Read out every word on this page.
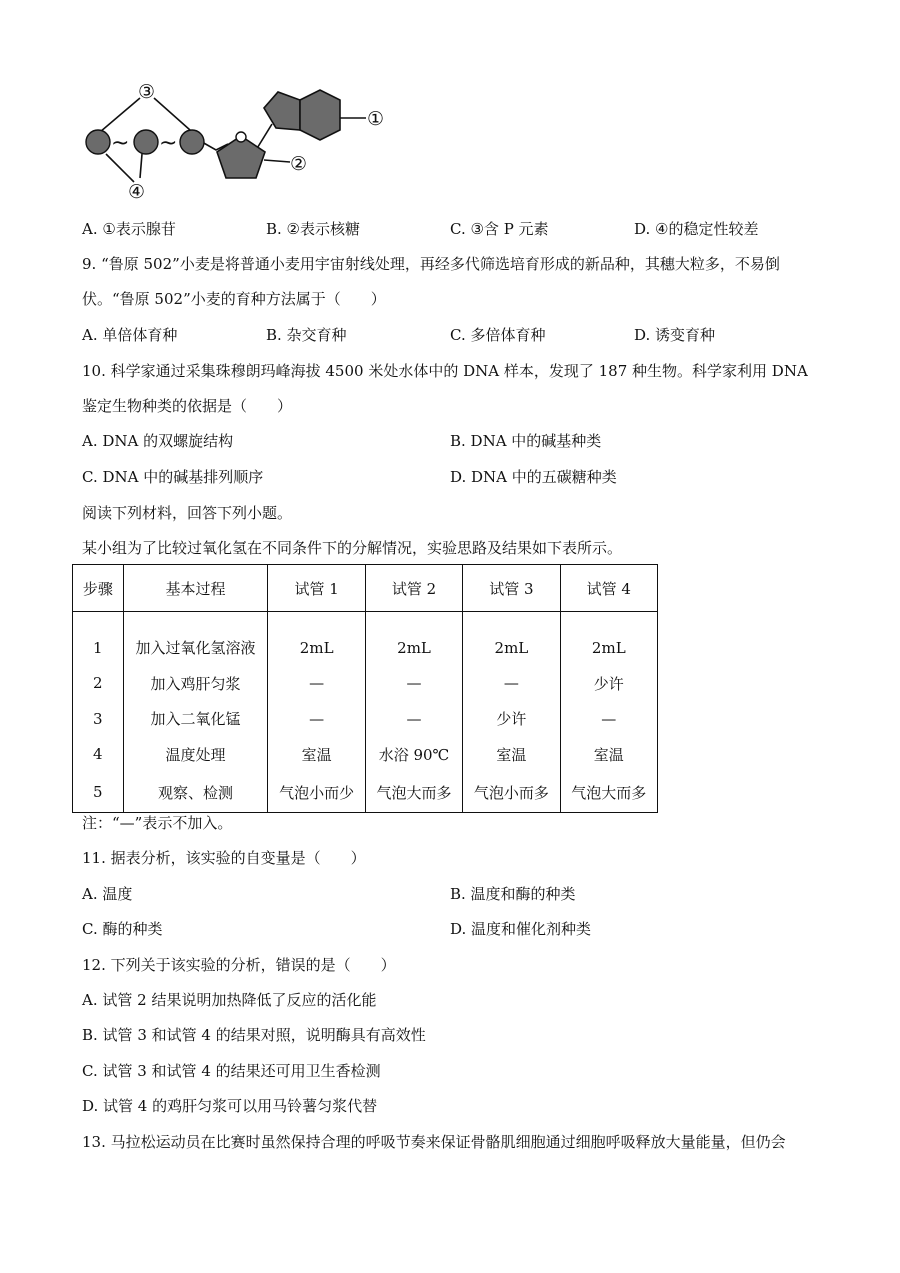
~ ~
①
②
③
④
A. ①表示腺苷	B. ②表示核糖	C. ③含 P 元素	D. ④的稳定性较差
9. “鲁原 502”小麦是将普通小麦用宇宙射线处理，再经多代筛选培育形成的新品种，其穗大粒多，不易倒
伏。“鲁原 502”小麦的育种方法属于（　　）
A. 单倍体育种	B. 杂交育种	C. 多倍体育种	D. 诱变育种
10. 科学家通过采集珠穆朗玛峰海拔 4500 米处水体中的 DNA 样本，发现了 187 种生物。科学家利用 DNA
鉴定生物种类的依据是（　　）
A. DNA 的双螺旋结构	B. DNA 中的碱基种类
C. DNA 中的碱基排列顺序	D. DNA 中的五碳糖种类
阅读下列材料，回答下列小题。
某小组为了比较过氧化氢在不同条件下的分解情况，实验思路及结果如下表所示。
步骤	基本过程	试管 1	试管 2	试管 3	试管 4
1	加入过氧化氢溶液	2mL	2mL	2mL	2mL
2	加入鸡肝匀浆	—	—	—	少许
3	加入二氧化锰	—	—	少许	—
4	温度处理	室温	水浴 90℃	室温	室温
5	观察、检测	气泡小而少	气泡大而多	气泡小而多	气泡大而多
注：“—”表示不加入。
11. 据表分析，该实验的自变量是（　　）
A. 温度	B. 温度和酶的种类
C. 酶的种类	D. 温度和催化剂种类
12. 下列关于该实验的分析，错误的是（　　）
A. 试管 2 结果说明加热降低了反应的活化能
B. 试管 3 和试管 4 的结果对照，说明酶具有高效性
C. 试管 3 和试管 4 的结果还可用卫生香检测
D. 试管 4 的鸡肝匀浆可以用马铃薯匀浆代替
13. 马拉松运动员在比赛时虽然保持合理的呼吸节奏来保证骨骼肌细胞通过细胞呼吸释放大量能量，但仍会
